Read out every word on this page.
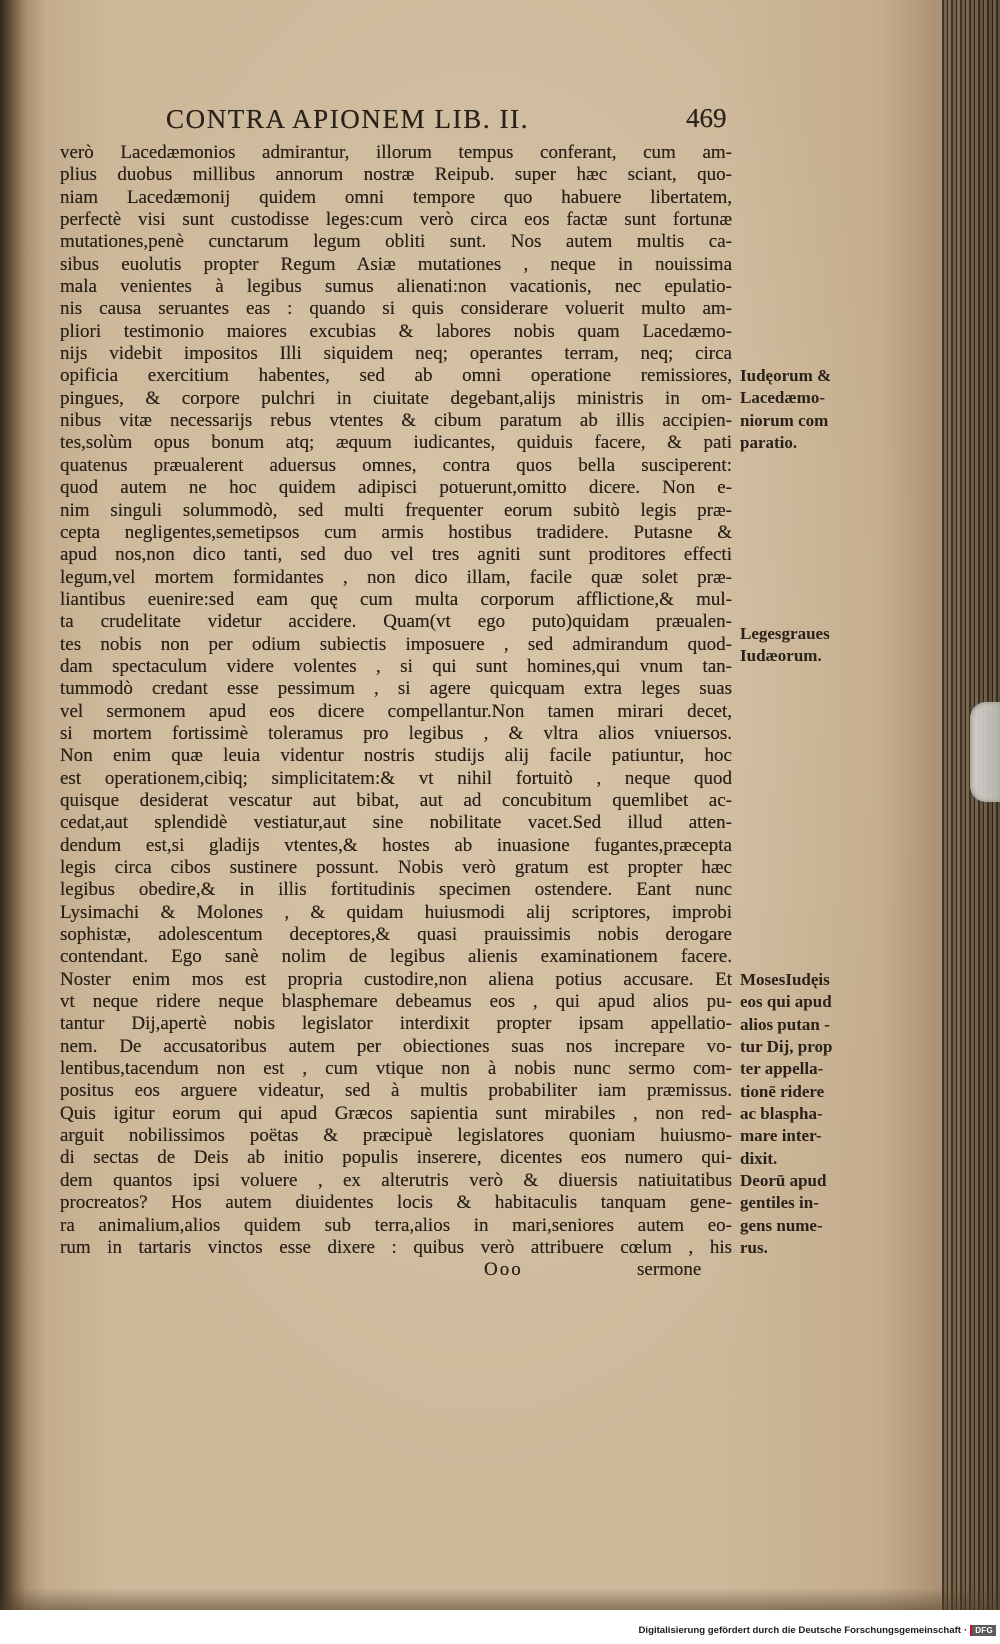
CONTRA APIONEM LIB. II.	469
verò Lacedæmonios admirantur, illorum tempus conferant, cum am-
plius duobus millibus annorum nostræ Reipub. super hæc sciant, quo-
niam Lacedæmonij quidem omni tempore quo habuere libertatem,
perfectè visi sunt custodisse leges:cum verò circa eos factæ sunt fortunæ
mutationes,penè cunctarum legum obliti sunt. Nos autem multis ca-
sibus euolutis propter Regum Asiæ mutationes , neque in nouissima
mala venientes à legibus sumus alienati:non vacationis, nec epulatio-
nis causa seruantes eas : quando si quis considerare voluerit multo am-
pliori testimonio maiores excubias & labores nobis quam Lacedæmo-
nijs videbit impositos Illi siquidem neq; operantes terram, neq; circa
opificia exercitium habentes, sed ab omni operatione remissiores,
pingues, & corpore pulchri in ciuitate degebant,alijs ministris in om-
nibus vitæ necessarijs rebus vtentes & cibum paratum ab illis accipien-
tes,solùm opus bonum atq; æquum iudicantes, quiduis facere, & pati
quatenus præualerent aduersus omnes, contra quos bella susciperent:
quod autem ne hoc quidem adipisci potuerunt,omitto dicere. Non e-
nim singuli solummodò, sed multi frequenter eorum subitò legis præ-
cepta negligentes,semetipsos cum armis hostibus tradidere. Putasne &
apud nos,non dico tanti, sed duo vel tres agniti sunt proditores effecti
legum,vel mortem formidantes , non dico illam, facile quæ solet præ-
liantibus euenire:sed eam quę cum multa corporum afflictione,& mul-
ta crudelitate videtur accidere. Quam(vt ego puto)quidam præualen-
tes nobis non per odium subiectis imposuere , sed admirandum quod-
dam spectaculum videre volentes , si qui sunt homines,qui vnum tan-
tummodò credant esse pessimum , si agere quicquam extra leges suas
vel sermonem apud eos dicere compellantur.Non tamen mirari decet,
si mortem fortissimè toleramus pro legibus , & vltra alios vniuersos.
Non enim quæ leuia videntur nostris studijs alij facile patiuntur, hoc
est operationem,cibiq; simplicitatem:& vt nihil fortuitò , neque quod
quisque desiderat vescatur aut bibat, aut ad concubitum quemlibet ac-
cedat,aut splendidè vestiatur,aut sine nobilitate vacet.Sed illud atten-
dendum est,si gladijs vtentes,& hostes ab inuasione fugantes,præcepta
legis circa cibos sustinere possunt. Nobis verò gratum est propter hæc
legibus obedire,& in illis fortitudinis specimen ostendere. Eant nunc
Lysimachi & Molones , & quidam huiusmodi alij scriptores, improbi
sophistæ, adolescentum deceptores,& quasi prauissimis nobis derogare
contendant. Ego sanè nolim de legibus alienis examinationem facere.
Noster enim mos est propria custodire,non aliena potius accusare. Et
vt neque ridere neque blasphemare debeamus eos , qui apud alios pu-
tantur Dij,apertè nobis legislator interdixit propter ipsam appellatio-
nem. De accusatoribus autem per obiectiones suas nos increpare vo-
lentibus,tacendum non est , cum vtique non à nobis nunc sermo com-
positus eos arguere videatur, sed à multis probabiliter iam præmissus.
Quis igitur eorum qui apud Græcos sapientia sunt mirabiles , non red-
arguit nobilissimos poëtas & præcipuè legislatores quoniam huiusmo-
di sectas de Deis ab initio populis inserere, dicentes eos numero qui-
dem quantos ipsi voluere , ex alterutris verò & diuersis natiuitatibus
procreatos? Hos autem diuidentes locis & habitaculis tanquam gene-
ra animalium,alios quidem sub terra,alios in mari,seniores autem eo-
rum in tartaris vinctos esse dixere : quibus verò attribuere cœlum , his
Iudęorum &
Lacedæmo-
niorum com
paratio.
Legesgraues
Iudæorum.
MosesIudęis
eos qui apud
alios putan -
tur Dij, prop
ter appella-
tionē ridere
ac blaspha-
mare inter-
dixit.
Deorū apud
gentiles in-
gens nume-
rus.
Ooo	sermone
Digitalisierung gefördert durch die Deutsche Forschungsgemeinschaft ·	DFG
